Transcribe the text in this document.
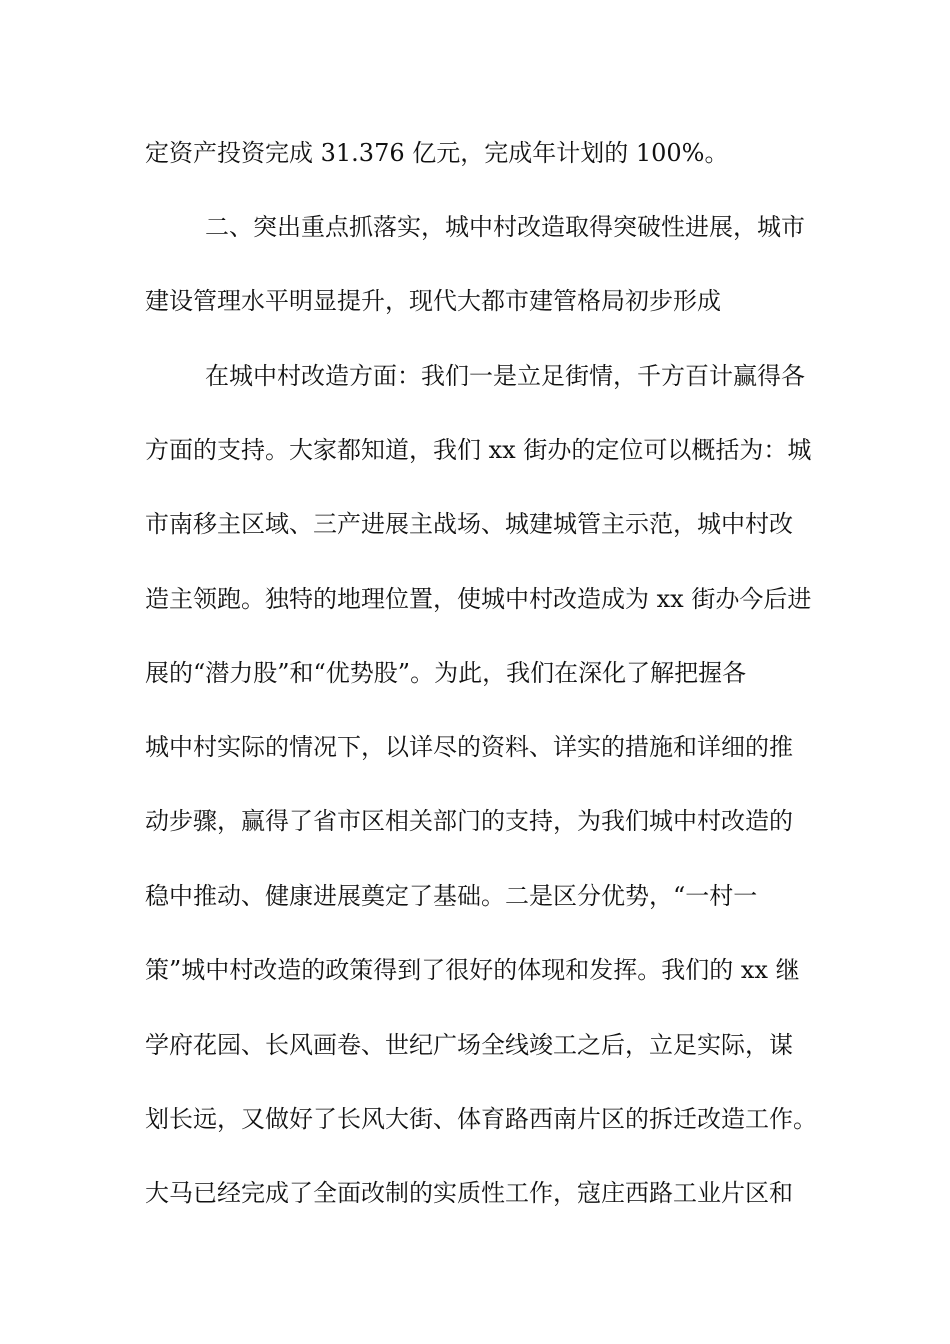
定资产投资完成 31.376 亿元，完成年计划的 100%。
二、突出重点抓落实，城中村改造取得突破性进展，城市
建设管理水平明显提升，现代大都市建管格局初步形成
在城中村改造方面：我们一是立足街情，千方百计赢得各
方面的支持。大家都知道，我们 xx 街办的定位可以概括为：城
市南移主区域、三产进展主战场、城建城管主示范，城中村改
造主领跑。独特的地理位置，使城中村改造成为 xx 街办今后进
展的“潜力股”和“优势股”。为此，我们在深化了解把握各
城中村实际的情况下，以详尽的资料、详实的措施和详细的推
动步骤，赢得了省市区相关部门的支持，为我们城中村改造的
稳中推动、健康进展奠定了基础。二是区分优势，“一村一
策”城中村改造的政策得到了很好的体现和发挥。我们的 xx 继
学府花园、长风画卷、世纪广场全线竣工之后，立足实际，谋
划长远，又做好了长风大街、体育路西南片区的拆迁改造工作。
大马已经完成了全面改制的实质性工作，寇庄西路工业片区和
